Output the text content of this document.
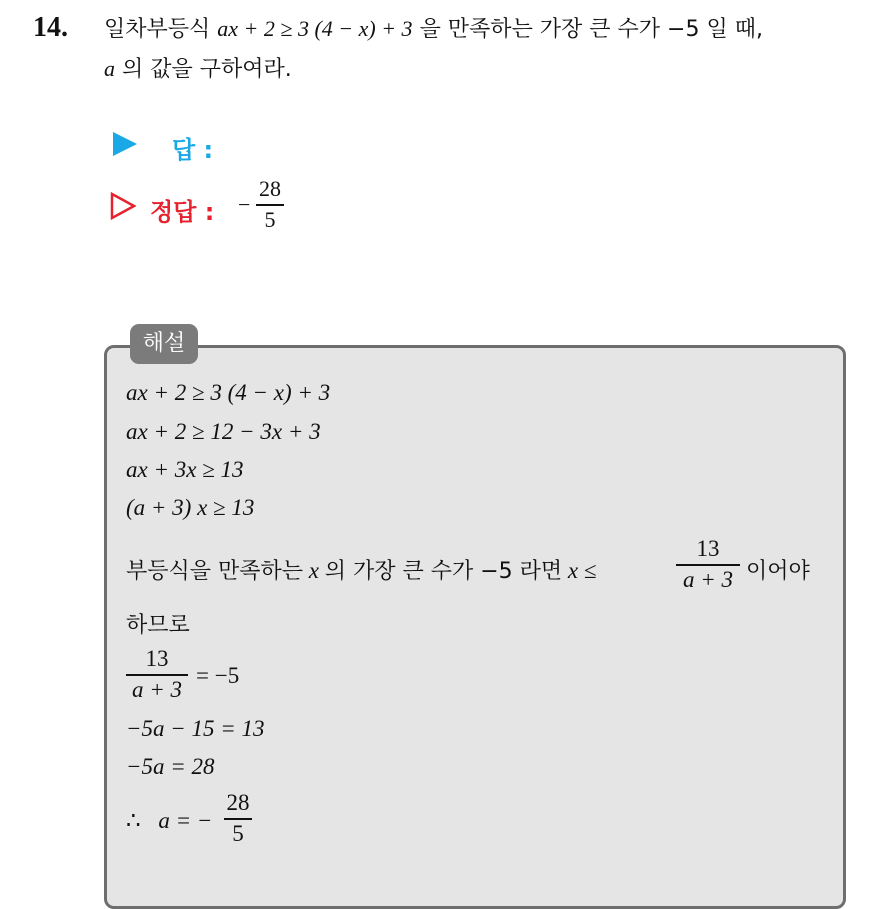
14. 일차부등식 ax + 2 ≥ 3 (4 − x) + 3 을 만족하는 가장 큰 수가 −5 일 때,
a 의 값을 구하여라.
답 :
정답 : −
28
5
해설
ax + 2 ≥ 3 (4 − x) + 3
ax + 2 ≥ 12 − 3x + 3
ax + 3x ≥ 13
(a + 3) x ≥ 13
부등식을 만족하는 x 의 가장 큰 수가 −5 라면 x ≤
13
a + 3 이어야
하므로
13
a + 3
= −5
−5a − 15 = 13
−5a = 28
∴ a = −
28
5
